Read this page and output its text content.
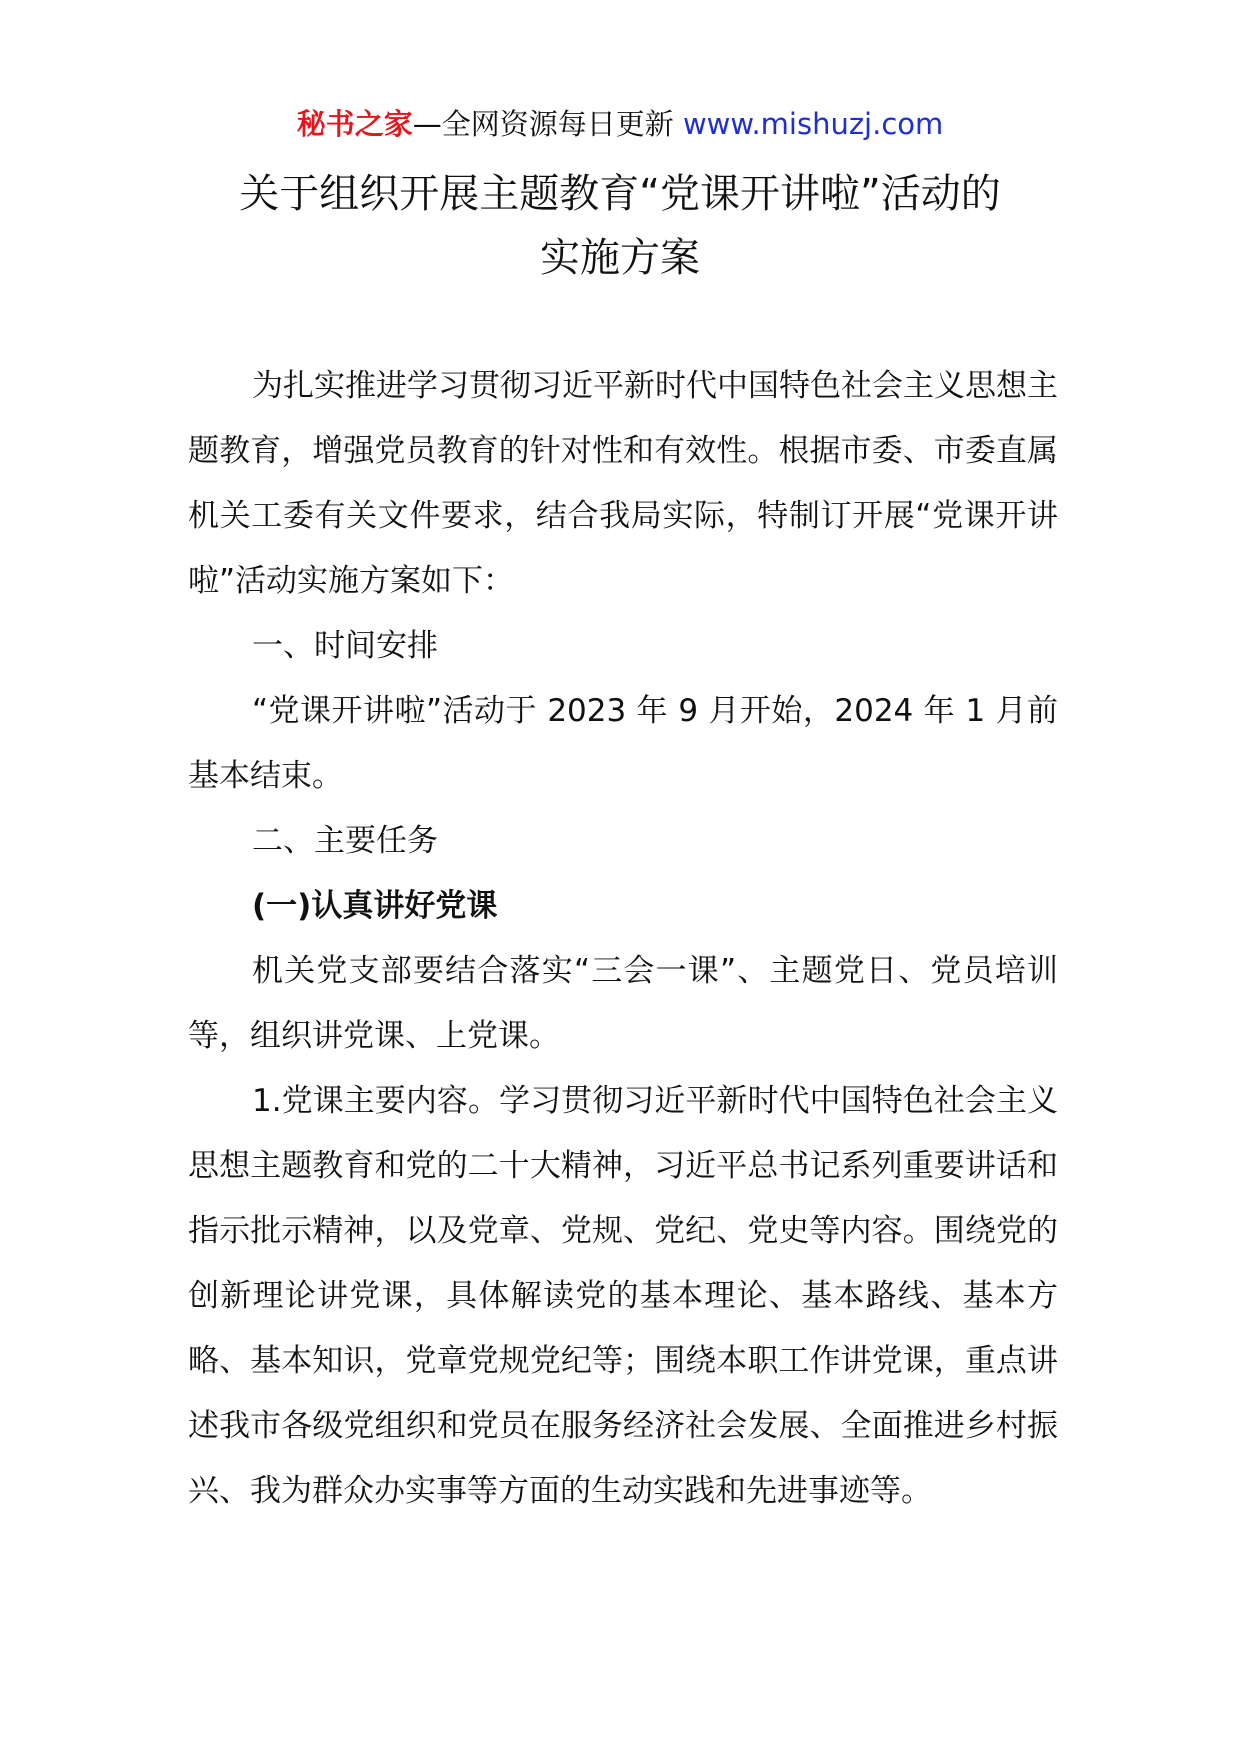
秘书之家—全网资源每日更新 www.mishuzj.com
关于组织开展主题教育“党课开讲啦”活动的
实施方案

为扎实推进学习贯彻习近平新时代中国特色社会主义思想主题教育，增强党员教育的针对性和有效性。根据市委、市委直属机关工委有关文件要求，结合我局实际，特制订开展“党课开讲啦”活动实施方案如下：

一、时间安排

“党课开讲啦”活动于 2023 年 9 月开始，2024 年 1 月前基本结束。

二、主要任务

(一)认真讲好党课

机关党支部要结合落实“三会一课”、主题党日、党员培训等，组织讲党课、上党课。

1.党课主要内容。学习贯彻习近平新时代中国特色社会主义思想主题教育和党的二十大精神，习近平总书记系列重要讲话和指示批示精神，以及党章、党规、党纪、党史等内容。围绕党的创新理论讲党课，具体解读党的基本理论、基本路线、基本方略、基本知识，党章党规党纪等；围绕本职工作讲党课，重点讲述我市各级党组织和党员在服务经济社会发展、全面推进乡村振兴、我为群众办实事等方面的生动实践和先进事迹等。
